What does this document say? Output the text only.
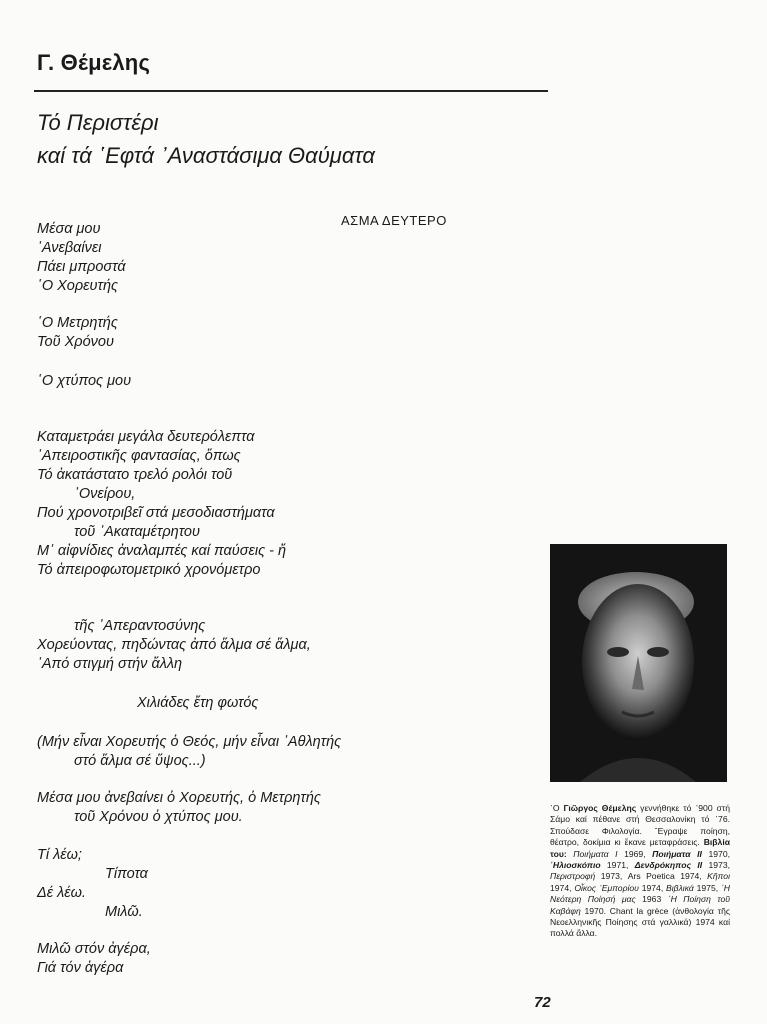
Γ. Θέμελης
Τό Περιστέρι
καί τά ῾Εφτά ᾿Αναστάσιμα Θαύματα
ΑΣΜΑ ΔΕΥΤΕΡΟ
Μέσα μου
᾿Ανεβαίνει
Πάει μπροστά
῾Ο Χορευτής
῾Ο Μετρητής
Τοῦ Χρόνου
῾Ο χτύπος μου
Καταμετράει μεγάλα δευτερόλεπτα
᾿Απειροστικῆς φαντασίας, ὅπως
Τό ἀκατάστατο τρελό ρολόι τοῦ
᾿Ονείρου,
Πού χρονοτριβεῖ στά μεσοδιαστήματα
τοῦ ᾿Ακαταμέτρητου
Μ᾿ αἰφνίδιες ἀναλαμπές καί παύσεις - ἤ
Τό ἀπειροφωτομετρικό χρονόμετρο
τῆς ᾿Απεραντοσύνης
Χορεύοντας, πηδώντας ἀπό ἅλμα σέ ἅλμα,
᾿Από στιγμή στήν ἄλλη
Χιλιάδες ἔτη φωτός
(Μήν εἶναι Χορευτής ὁ Θεός, μήν εἶναι ᾿Αθλητής
στό ἅλμα σέ ὕψος...)
Μέσα μου ἀνεβαίνει ὁ Χορευτής, ὁ Μετρητής
τοῦ Χρόνου ὁ χτύπος μου.
Τί λέω;
Τίποτα
Δέ λέω.
Μιλῶ.
Μιλῶ στόν ἀγέρα,
Γιά τόν ἀγέρα
῾Ο Γιῶργος Θέμελης γεννήθηκε τό ᾿900 στή Σάμο καί πέθανε στή Θεσσαλονίκη τό ᾿76. Σπούδασε Φιλολογία. ῎Εγραψε ποίηση, θέατρο, δοκίμια κι ἔκανε μεταφράσεις. Βιβλία του: Ποιήματα I 1969, Ποιήματα II 1970, ῾Ηλιοσκόπιο 1971, Δενδρόκηπος II 1973, Περιστροφή 1973, Ars Poetica 1974, Κῆποι 1974, Οἶκος ᾿Εμπορίου 1974, Βιβλικά 1975, ῾Η Νεότερη Ποίησή μας 1963 ῾Η Ποίηση τοῦ Καβάφη 1970. Chant la grèce (ἀνθολογία τῆς Νεοελληνικῆς Ποίησης στά γαλλικά) 1974 καί πολλά ἄλλα.
72
